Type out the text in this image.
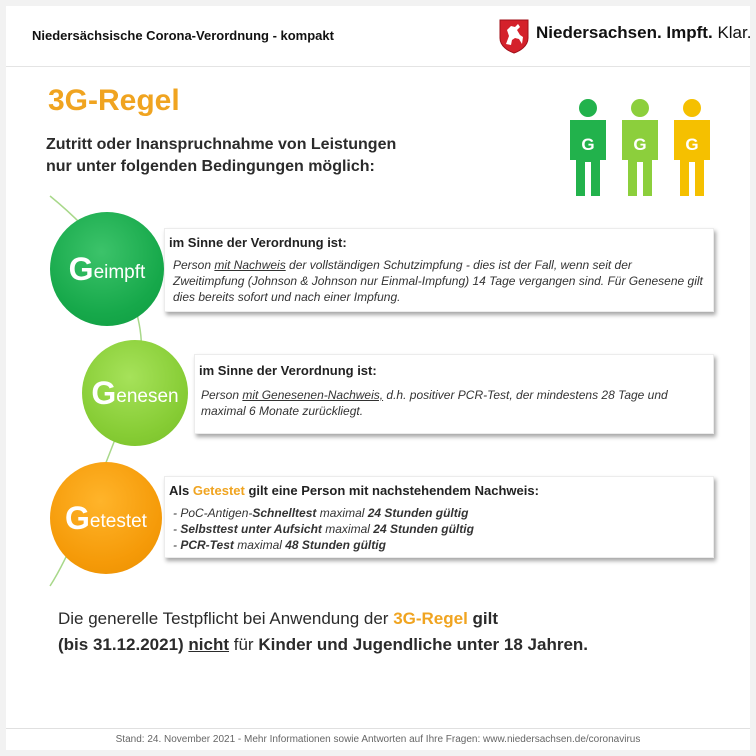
Niedersächsische Corona-Verordnung - kompakt	Niedersachsen. Impft. Klar.
3G-Regel
Zutritt oder Inanspruchnahme von Leistungen
nur unter folgenden Bedingungen möglich:
G G G
im Sinne der Verordnung ist:
Person mit Nachweis der vollständigen Schutzimpfung - dies ist der Fall, wenn seit der Zweitimpfung (Johnson & Johnson nur Einmal-Impfung) 14 Tage vergangen sind. Für Genesene gilt dies bereits sofort und nach einer Impfung.
im Sinne der Verordnung ist:
Person mit Genesenen-Nachweis, d.h. positiver PCR-Test, der mindestens 28 Tage und maximal 6 Monate zurückliegt.
Als Getestet gilt eine Person mit nachstehendem Nachweis:
- PoC-Antigen-Schnelltest maximal 24 Stunden gültig
- Selbsttest unter Aufsicht maximal 24 Stunden gültig
- PCR-Test maximal 48 Stunden gültig
G eimpft
G enesen
G etestet
Die generelle Testpflicht bei Anwendung der 3G-Regel gilt
(bis 31.12.2021) nicht für Kinder und Jugendliche unter 18 Jahren.
Stand: 24. November 2021 - Mehr Informationen sowie Antworten auf Ihre Fragen: www.niedersachsen.de/coronavirus
